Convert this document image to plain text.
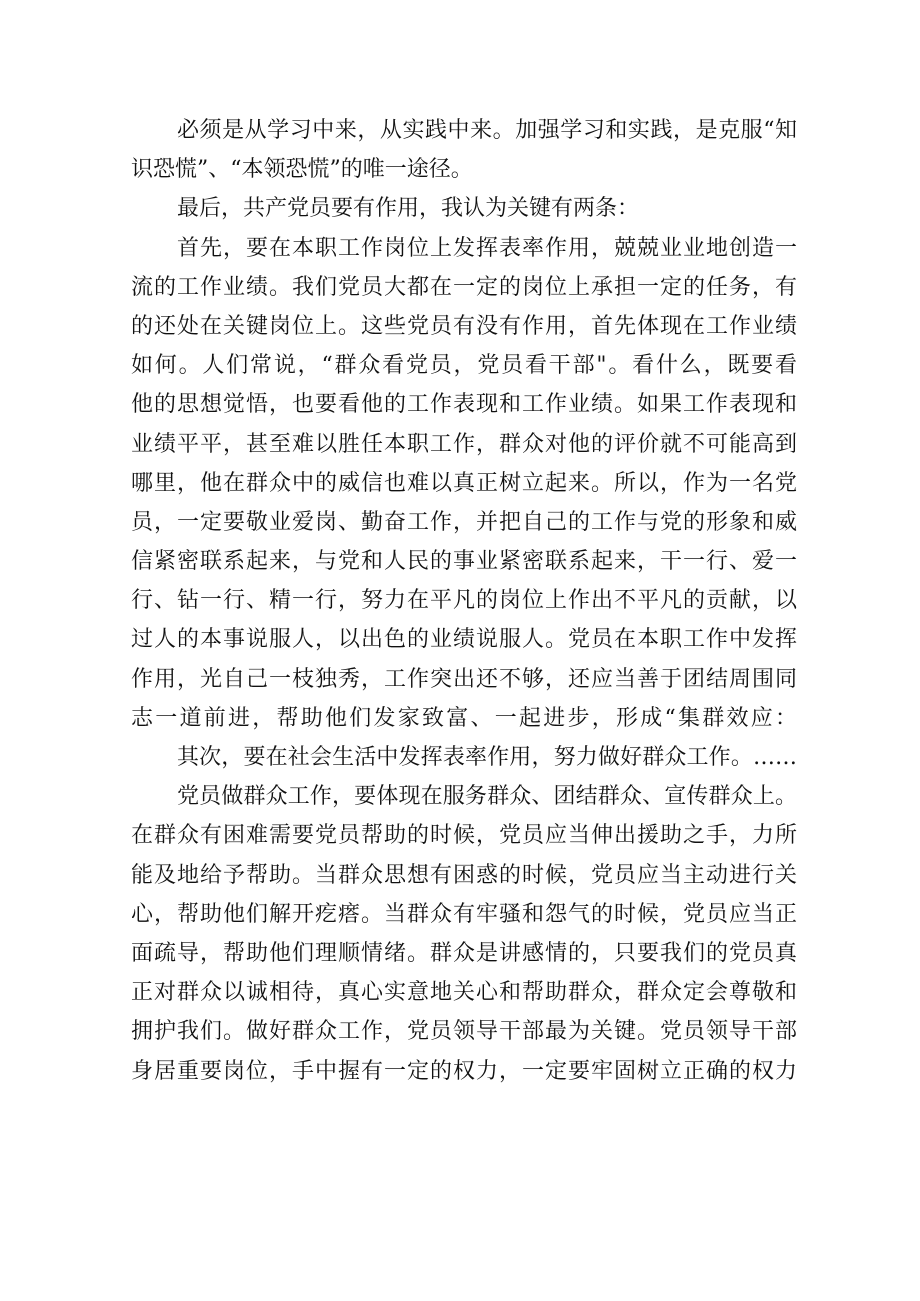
必须是从学习中来，从实践中来。加强学习和实践，是克服“知
识恐慌”、“本领恐慌”的唯一途径。
最后，共产党员要有作用，我认为关键有两条：
首先，要在本职工作岗位上发挥表率作用，兢兢业业地创造一
流的工作业绩。我们党员大都在一定的岗位上承担一定的任务，有
的还处在关键岗位上。这些党员有没有作用，首先体现在工作业绩
如何。人们常说，“群众看党员，党员看干部"。看什么，既要看
他的思想觉悟，也要看他的工作表现和工作业绩。如果工作表现和
业绩平平，甚至难以胜任本职工作，群众对他的评价就不可能高到
哪里，他在群众中的威信也难以真正树立起来。所以，作为一名党
员，一定要敬业爱岗、勤奋工作，并把自己的工作与党的形象和威
信紧密联系起来，与党和人民的事业紧密联系起来，干一行、爱一
行、钻一行、精一行，努力在平凡的岗位上作出不平凡的贡献，以
过人的本事说服人，以出色的业绩说服人。党员在本职工作中发挥
作用，光自己一枝独秀，工作突出还不够，还应当善于团结周围同
志一道前进，帮助他们发家致富、一起进步，形成“集群效应：
其次，要在社会生活中发挥表率作用，努力做好群众工作。……
党员做群众工作，要体现在服务群众、团结群众、宣传群众上。
在群众有困难需要党员帮助的时候，党员应当伸出援助之手，力所
能及地给予帮助。当群众思想有困惑的时候，党员应当主动进行关
心，帮助他们解开疙瘩。当群众有牢骚和怨气的时候，党员应当正
面疏导，帮助他们理顺情绪。群众是讲感情的，只要我们的党员真
正对群众以诚相待，真心实意地关心和帮助群众，群众定会尊敬和
拥护我们。做好群众工作，党员领导干部最为关键。党员领导干部
身居重要岗位，手中握有一定的权力，一定要牢固树立正确的权力
